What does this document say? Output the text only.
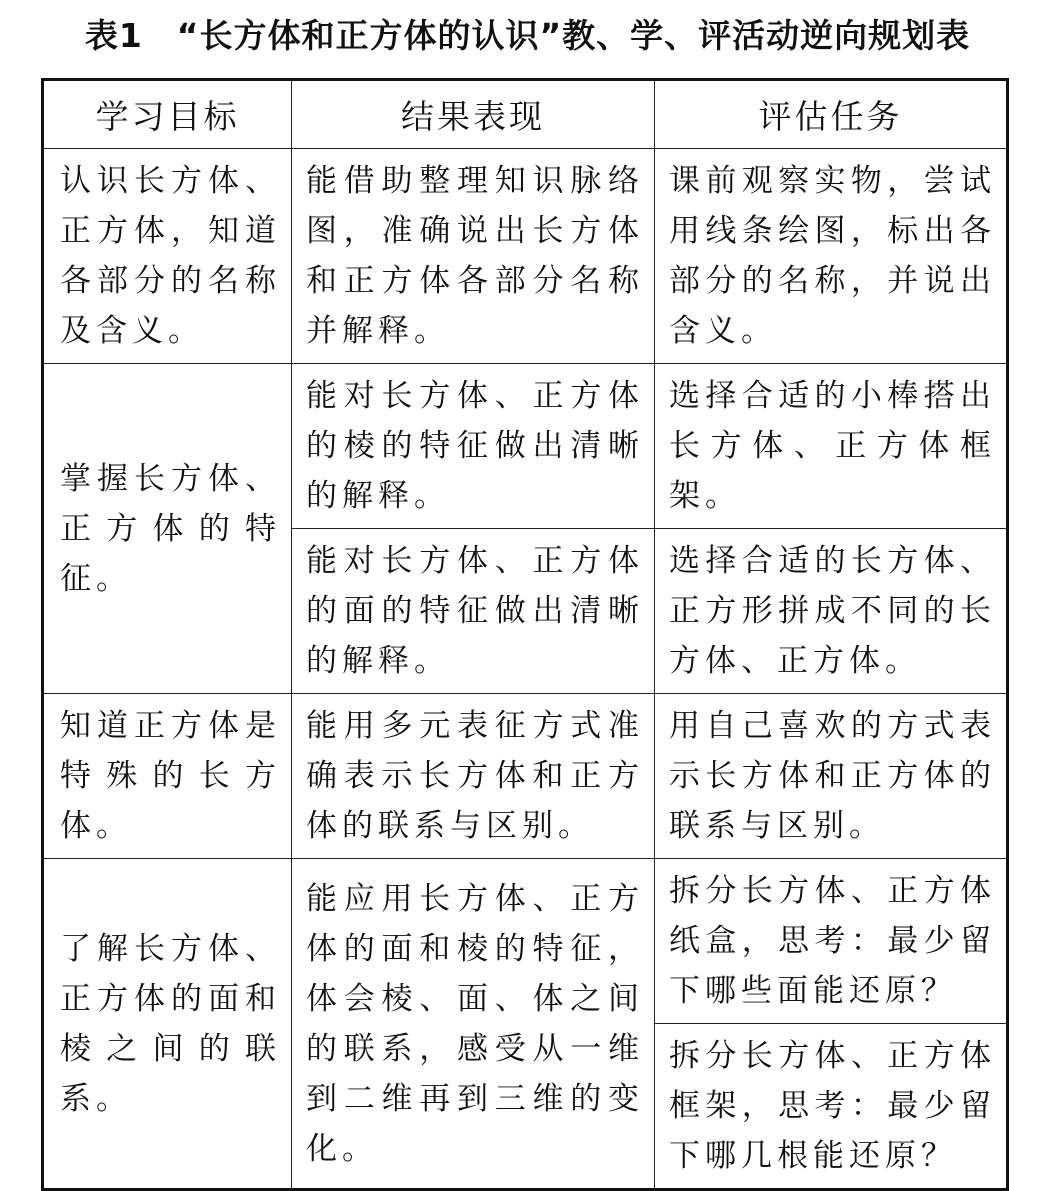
表1 “长方体和正方体的认识”教、学、评活动逆向规划表
学习目标	结果表现	评估任务
认识长方体、正方体，知道各部分的名称及含义。	能借助整理知识脉络图，准确说出长方体和正方体各部分名称并解释。	课前观察实物，尝试用线条绘图，标出各部分的名称，并说出含义。
掌握长方体、正方体的特征。	能对长方体、正方体的棱的特征做出清晰的解释。	选择合适的小棒搭出长方体、正方体框架。
	能对长方体、正方体的面的特征做出清晰的解释。	选择合适的长方体、正方形拼成不同的长方体、正方体。
知道正方体是特殊的长方体。	能用多元表征方式准确表示长方体和正方体的联系与区别。	用自己喜欢的方式表示长方体和正方体的联系与区别。
了解长方体、正方体的面和棱之间的联系。	能应用长方体、正方体的面和棱的特征，体会棱、面、体之间的联系，感受从一维到二维再到三维的变化。	拆分长方体、正方体纸盒，思考：最少留下哪些面能还原？
		拆分长方体、正方体框架，思考：最少留下哪几根能还原？
